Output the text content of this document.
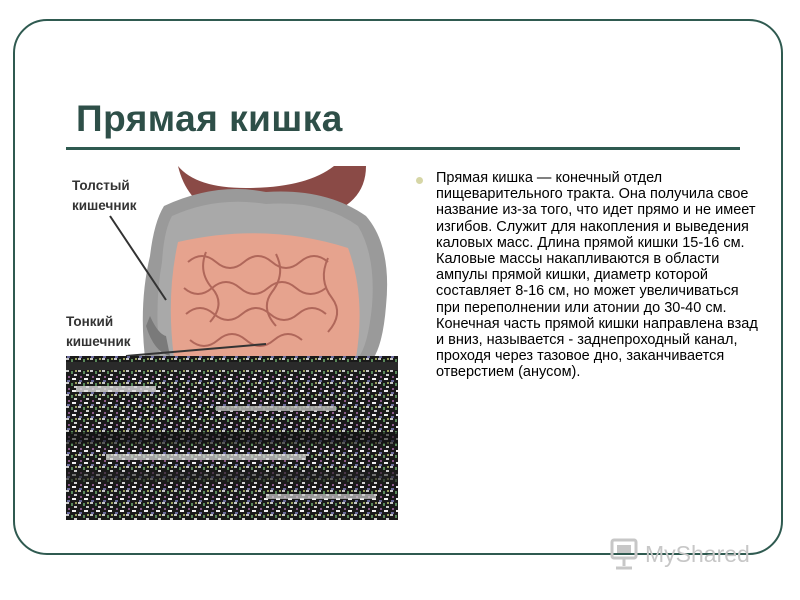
Прямая кишка
Толстый
кишечник
Тонкий
кишечник

Прямая кишка — конечный отдел пищеварительного тракта. Она получила свое название из-за того, что идет прямо и не имеет изгибов. Служит для накопления и выведения каловых масс. Длина прямой кишки 15-16 см. Каловые массы накапливаются в области ампулы прямой кишки, диаметр которой составляет 8-16 см, но может увеличиваться при переполнении или атонии до 30-40 см. Конечная часть прямой кишки направлена взад и вниз, называется - заднепроходный канал, проходя через тазовое дно, заканчивается отверстием (анусом).

MyShared
